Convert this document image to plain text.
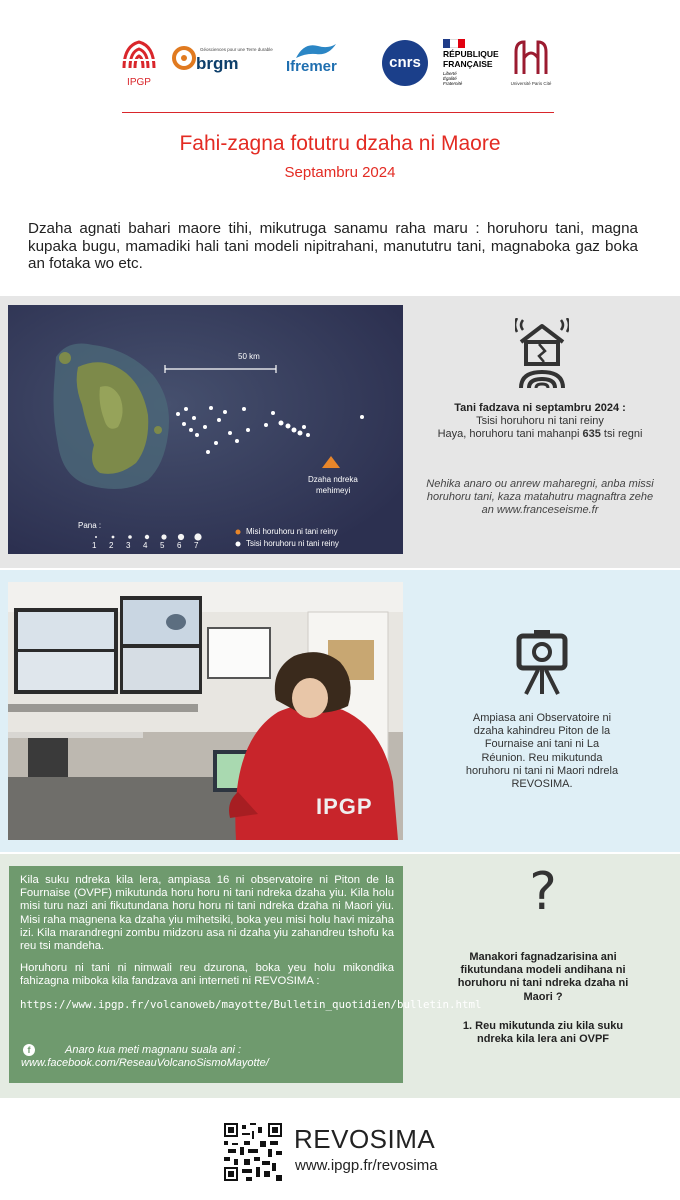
IPGP
Géosciences pour une Terre durable
brgm	Ifremer	cnrs	RÉPUBLIQUE
FRANÇAISE
Liberté
Égalité
Fraternité	Université Paris Cité
Fahi-zagna fotutru dzaha ni Maore
Septambru 2024
Dzaha agnati bahari maore tihi, mikutruga sanamu raha maru : horuhoru tani, magna kupaka bugu, mamadiki hali tani modeli nipitrahani, manututru tani, magnaboka gaz boka an fotaka wo etc.
50 km
Dzaha ndreka
mehimeyi
Pana :
1 2 3 4 5 6 7
Misi horuhoru ni tani reiny
Tsisi horuhoru ni tani reiny
Tani fadzava ni septambru 2024 :
Tsisi horuhoru ni tani reiny
Haya, horuhoru tani mahanpi 635 tsi regni
Nehika anaro ou anrew maharegni, anba missi horuhoru tani, kaza matahutru magnaftra zehe an www.franceseisme.fr
IPGP
Ampiasa ani Observatoire ni dzaha kahindreu Piton de la Fournaise ani tani ni La Réunion. Reu mikutunda horuhoru ni tani ni Maori ndrela REVOSIMA.
Kila suku ndreka kila lera, ampiasa 16 ni observatoire ni Piton de la Fournaise (OVPF) mikutunda horu horu ni tani ndreka dzaha yiu. Kila holu misi turu nazi ani fikutundana horu horu ni tani ndreka dzaha ni Maori yiu. Misi raha magnena ka dzaha yiu mihetsiki, boka yeu misi holu havi mizaha izi. Kila marandregni zombu midzoru asa ni dzaha yiu zahandreu tshofu ka reu tsi mandeha.
Horuhoru ni tani ni nimwali reu dzurona, boka yeu holu mikondika fahizagna miboka kila fandzava ani interneti ni REVOSIMA :
https://www.ipgp.fr/volcanoweb/mayotte/Bulletin_quotidien/bulletin.html
f	Anaro kua meti magnanu suala ani :
www.facebook.com/ReseauVolcanoSismoMayotte/
?
Manakori fagnadzarisina ani fikutundana modeli andihana ni horuhoru ni tani ndreka dzaha ni Maori ?
1. Reu mikutunda ziu kila suku ndreka kila lera ani OVPF
REVOSIMA
www.ipgp.fr/revosima
